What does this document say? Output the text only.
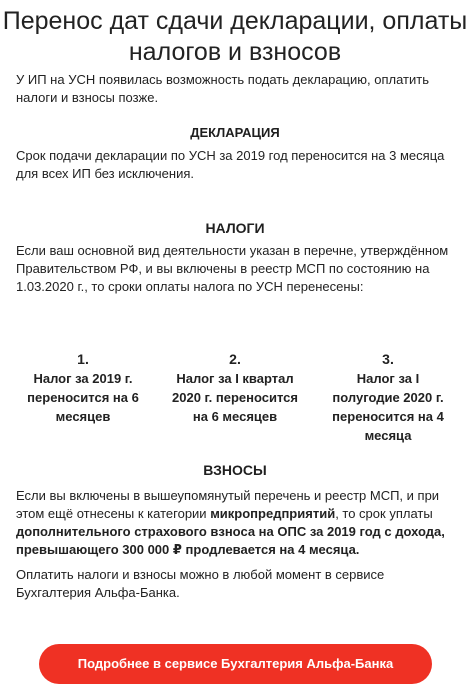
Перенос дат сдачи декларации, оплаты
налогов и взносов
У ИП на УСН появилась возможность подать декларацию, оплатить налоги и взносы позже.
ДЕКЛАРАЦИЯ
Срок подачи декларации по УСН за 2019 год переносится на 3 месяца для всех ИП без исключения.
НАЛОГИ
Если ваш основной вид деятельности указан в перечне, утверждённом Правительством РФ, и вы включены в реестр МСП по состоянию на 1.03.2020 г., то сроки оплаты налога по УСН перенесены:
1.
Налог за 2019 г. переносится на 6 месяцев
2.
Налог за I квартал 2020 г. переносится на 6 месяцев
3.
Налог за I полугодие 2020 г. переносится на 4 месяца
ВЗНОСЫ
Если вы включены в вышеупомянутый перечень и реестр МСП, и при этом ещё отнесены к категории микропредприятий, то срок уплаты дополнительного страхового взноса на ОПС за 2019 год с дохода, превышающего 300 000 ₽ продлевается на 4 месяца.
Оплатить налоги и взносы можно в любой момент в сервисе Бухгалтерия Альфа-Банка.
Подробнее в сервисе Бухгалтерия Альфа-Банка
